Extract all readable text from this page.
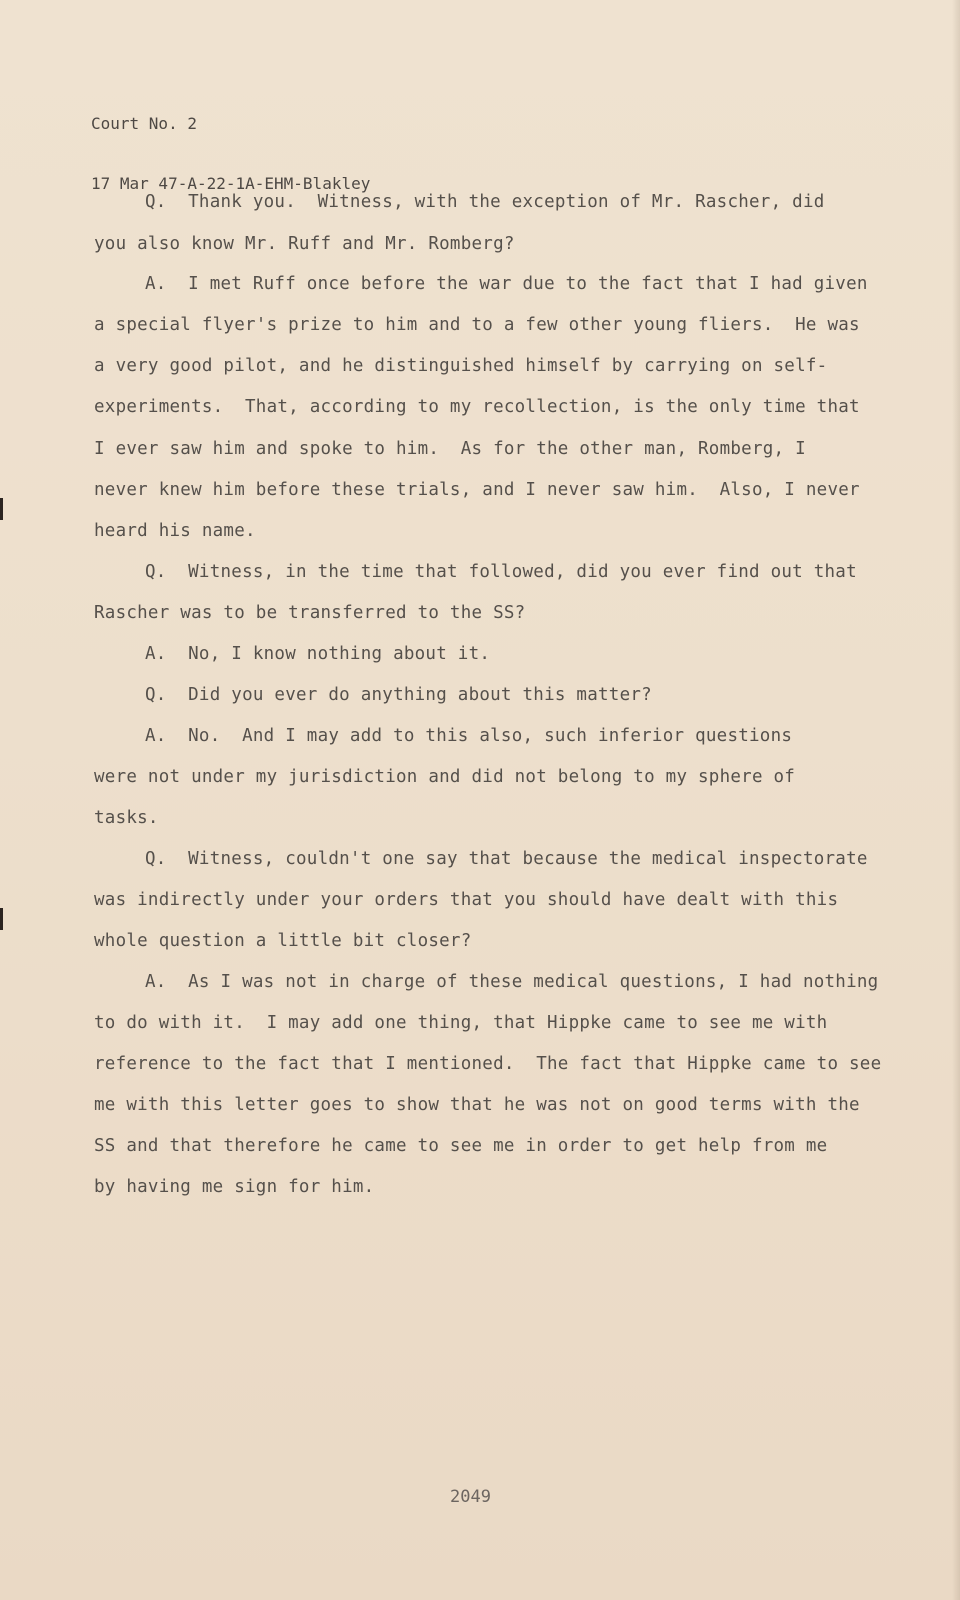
Court No. 2

17 Mar 47-A-22-1A-EHM-Blakley

Q.  Thank you.  Witness, with the exception of Mr. Rascher, did
you also know Mr. Ruff and Mr. Romberg?
A.  I met Ruff once before the war due to the fact that I had given
a special flyer's prize to him and to a few other young fliers.  He was
a very good pilot, and he distinguished himself by carrying on self-
experiments.  That, according to my recollection, is the only time that
I ever saw him and spoke to him.  As for the other man, Romberg, I
never knew him before these trials, and I never saw him.  Also, I never
heard his name.
Q.  Witness, in the time that followed, did you ever find out that
Rascher was to be transferred to the SS?
A.  No, I know nothing about it.
Q.  Did you ever do anything about this matter?
A.  No.  And I may add to this also, such inferior questions
were not under my jurisdiction and did not belong to my sphere of
tasks.
Q.  Witness, couldn't one say that because the medical inspectorate
was indirectly under your orders that you should have dealt with this
whole question a little bit closer?
A.  As I was not in charge of these medical questions, I had nothing
to do with it.  I may add one thing, that Hippke came to see me with
reference to the fact that I mentioned.  The fact that Hippke came to see
me with this letter goes to show that he was not on good terms with the
SS and that therefore he came to see me in order to get help from me
by having me sign for him.
2049
